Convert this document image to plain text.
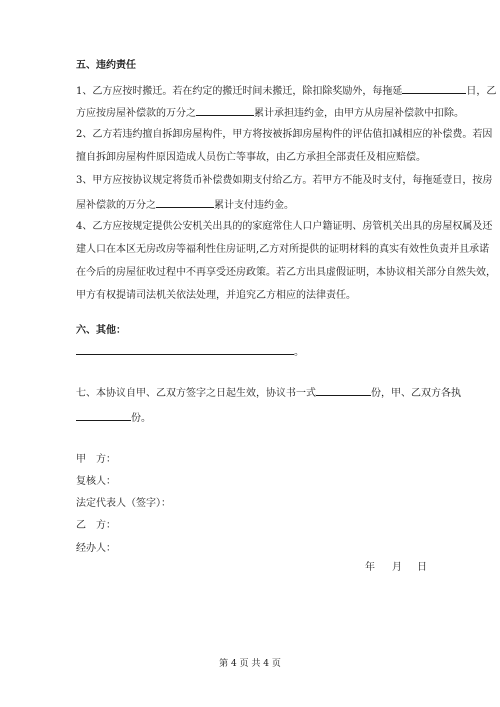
五、违约责任
1、乙方应按时搬迁。若在约定的搬迁时间未搬迁，除扣除奖励外，每拖延	日，乙
方应按房屋补偿款的万分之	累计承担违约金，由甲方从房屋补偿款中扣除。
2、乙方若违约擅自拆卸房屋构件，甲方将按被拆卸房屋构件的评估值扣减相应的补偿费。若因
擅自拆卸房屋构件原因造成人员伤亡等事故，由乙方承担全部责任及相应赔偿。
3、甲方应按协议规定将货币补偿费如期支付给乙方。若甲方不能及时支付，每拖延壹日，按房
屋补偿款的万分之	累计支付违约金。
4、乙方应按规定提供公安机关出具的的家庭常住人口户籍证明、房管机关出具的房屋权属及还
建人口在本区无房改房等福利性住房证明,乙方对所提供的证明材料的真实有效性负责并且承诺
在今后的房屋征收过程中不再享受还房政策。若乙方出具虚假证明，本协议相关部分自然失效，
甲方有权提请司法机关依法处理，并追究乙方相应的法律责任。
六、其他：
。
七、本协议自甲、乙双方签字之日起生效，协议书一式	份，甲、乙双方各执
份。
甲　方：
复核人：
法定代表人（签字）：
乙　方：
经办人：
年 月 日
第 4 页 共 4 页
